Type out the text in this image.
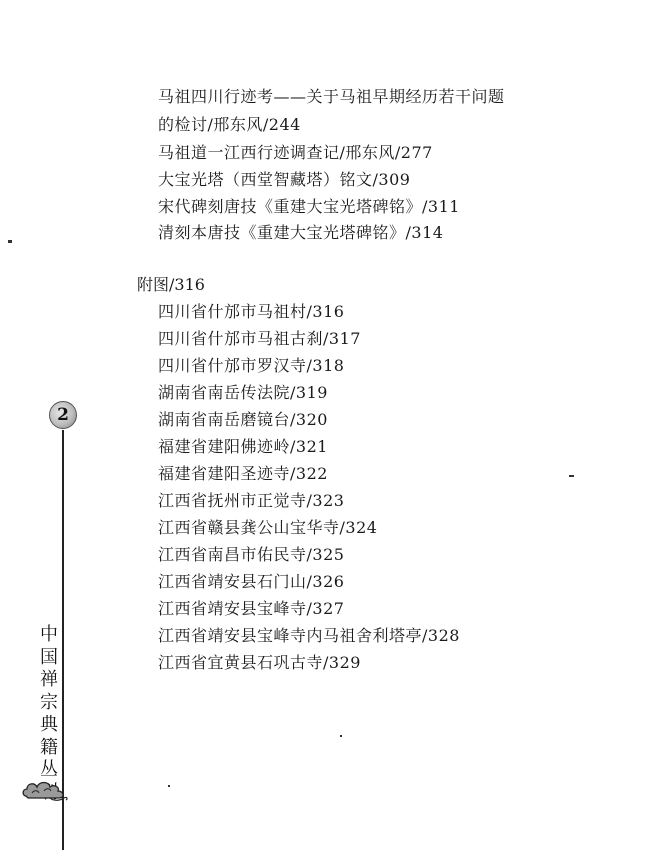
马祖四川行迹考——关于马祖早期经历若干问题
的检讨/邢东风/244
马祖道一江西行迹调查记/邢东风/277
大宝光塔（西堂智藏塔）铭文/309
宋代碑刻唐技《重建大宝光塔碑铭》/311
清刻本唐技《重建大宝光塔碑铭》/314
附图/316
四川省什邡市马祖村/316
四川省什邡市马祖古刹/317
四川省什邡市罗汉寺/318
湖南省南岳传法院/319
湖南省南岳磨镜台/320
福建省建阳佛迹岭/321
福建省建阳圣迹寺/322
江西省抚州市正觉寺/323
江西省赣县龚公山宝华寺/324
江西省南昌市佑民寺/325
江西省靖安县石门山/326
江西省靖安县宝峰寺/327
江西省靖安县宝峰寺内马祖舍利塔亭/328
江西省宜黄县石巩古寺/329
2
中
国
禅
宗
典
籍
丛
